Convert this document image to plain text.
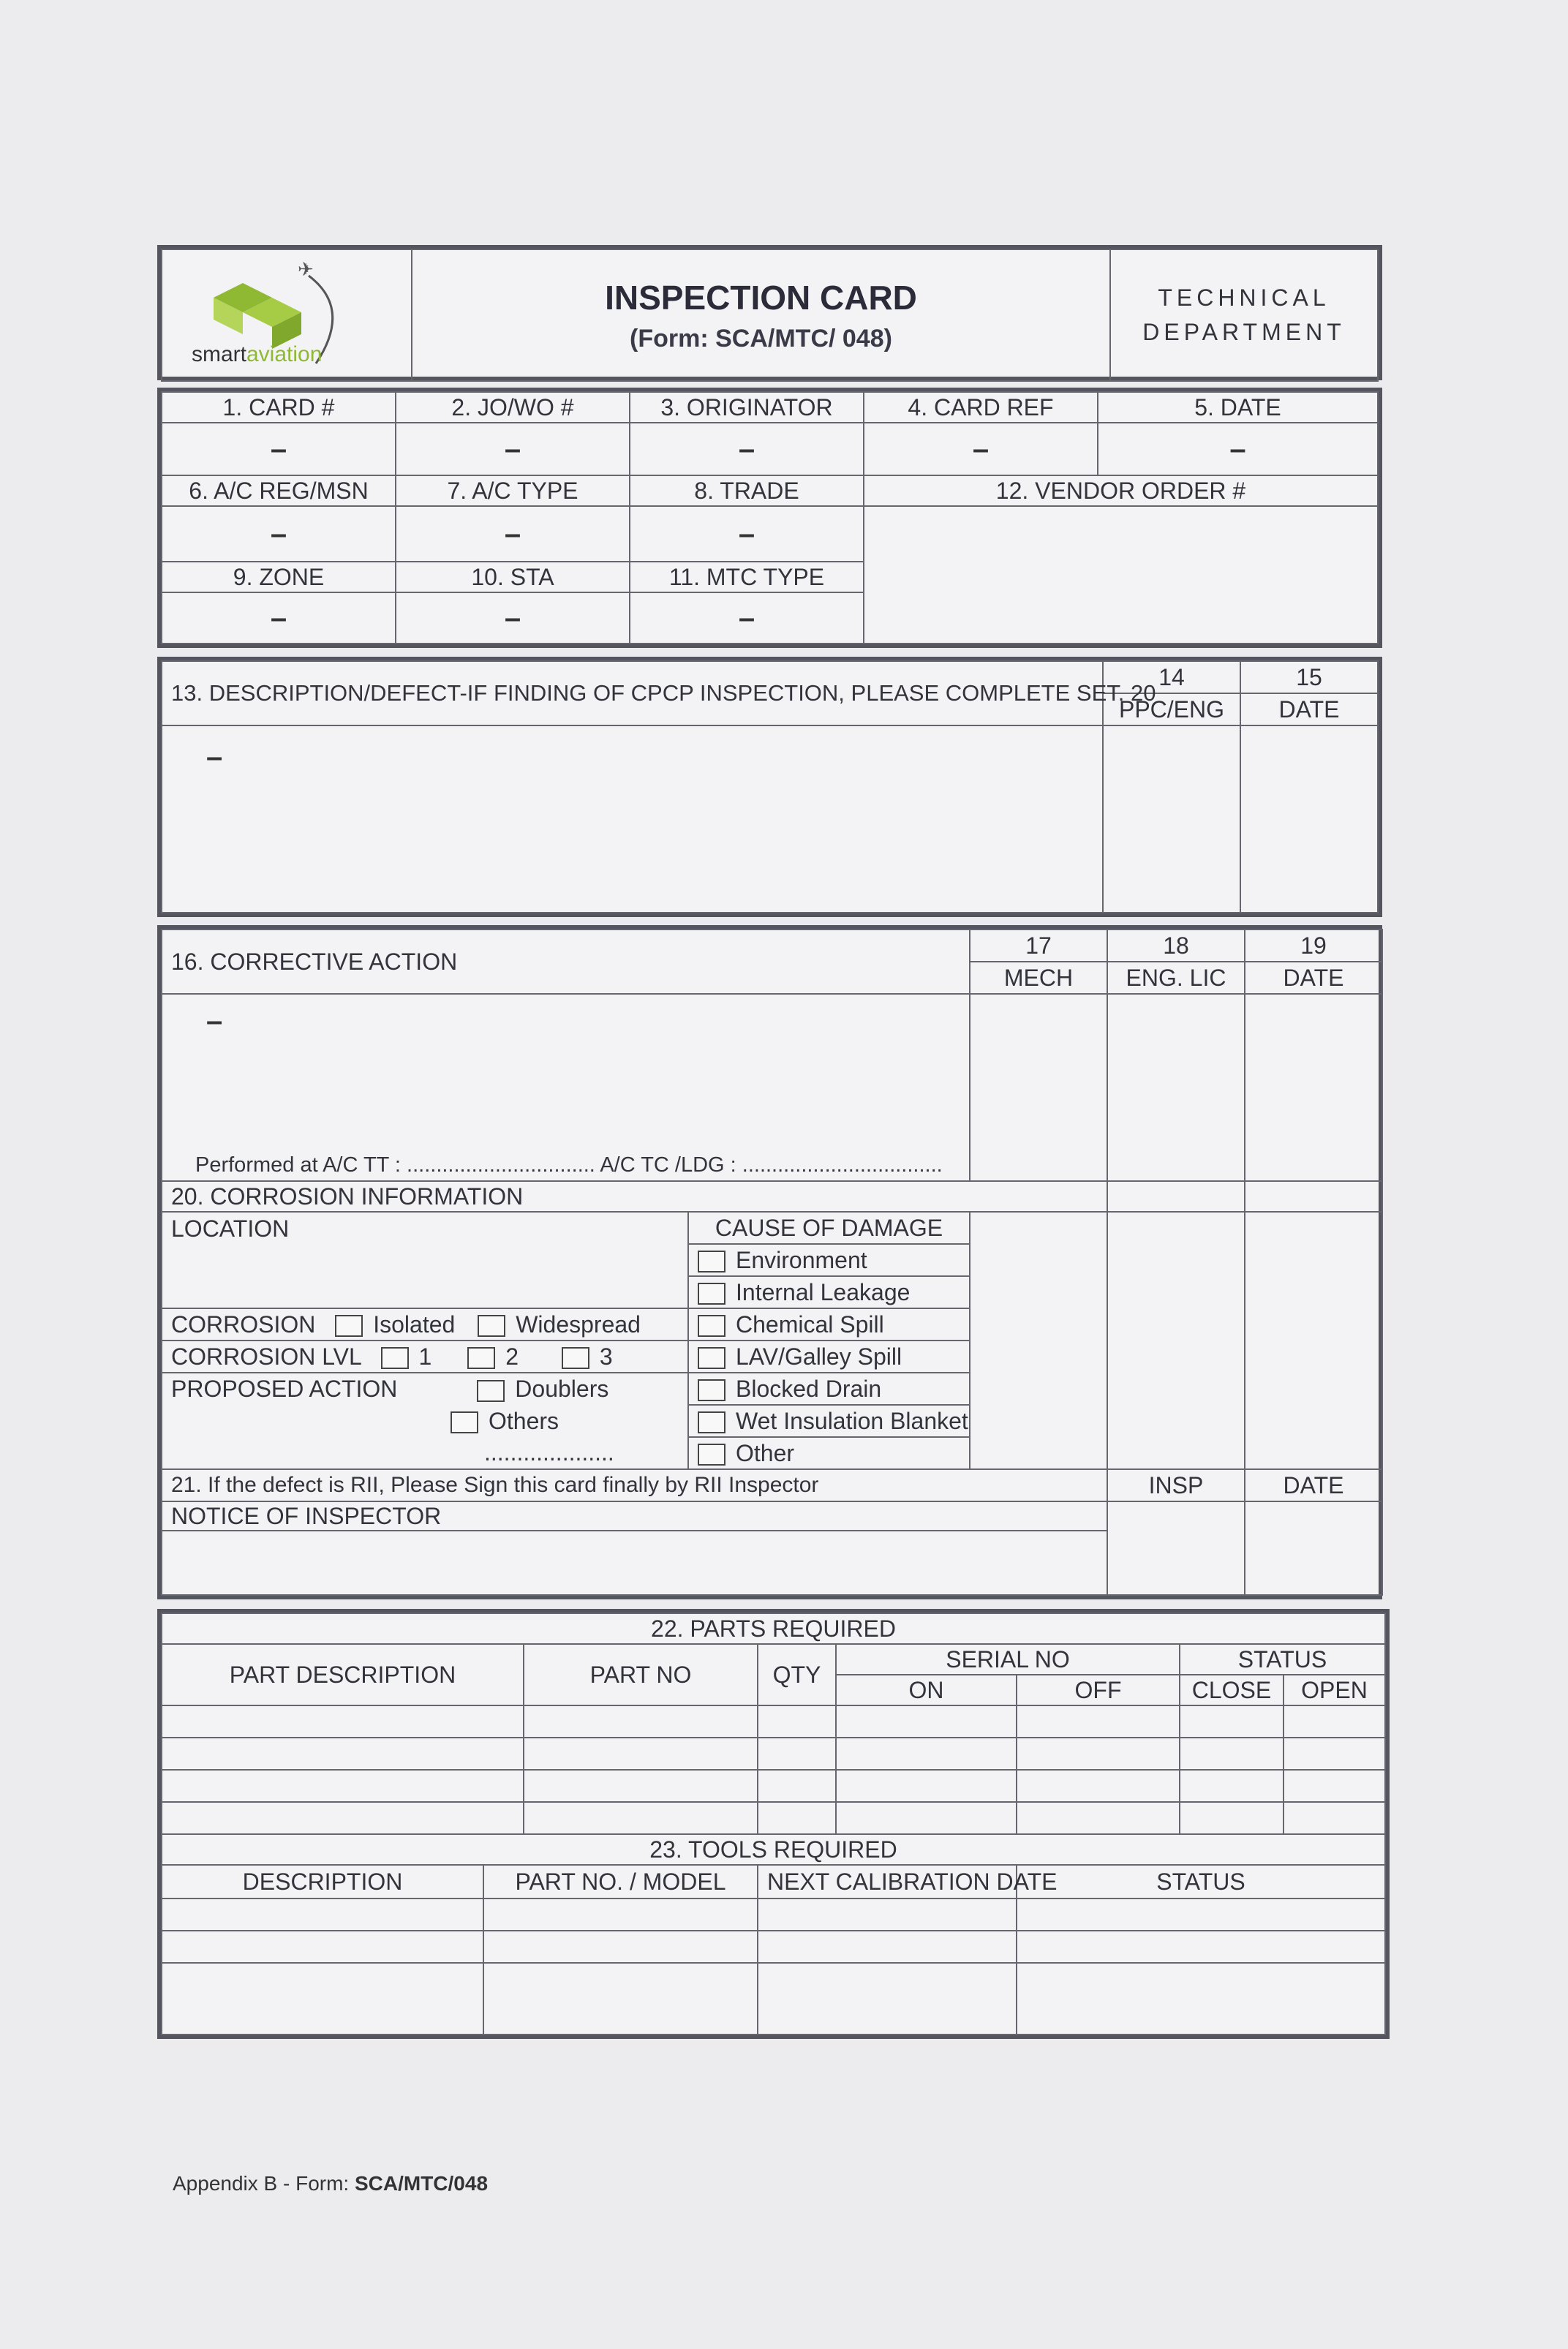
✈
smartaviation

INSPECTION CARD
(Form: SCA/MTC/ 048)

TECHNICAL
DEPARTMENT
1. CARD #	2. JO/WO #	3. ORIGINATOR	4. CARD REF	5. DATE
–	–	–	–	–
6. A/C REG/MSN	7. A/C TYPE	8. TRADE	12. VENDOR ORDER #	
–	–	–		
9. ZONE	10. STA	11. MTC TYPE		
–	–	–		
13. DESCRIPTION/DEFECT-IF FINDING OF CPCP INSPECTION, PLEASE COMPLETE SET. 20	14	15
	PPC/ENG	DATE
–		
16. CORRECTIVE ACTION		17	18	19
		MECH	ENG. LIC	DATE

–
Performed at A/C TT : ................................ A/C TC /LDG : ..................................				

20. CORROSION INFORMATION				
LOCATION	CAUSE OF DAMAGE			
	Environment			
	Internal Leakage			
CORROSION Isolated Widespread	Chemical Spill			
CORROSION LVL 1 2 3	LAV/Galley Spill			
PROPOSED ACTION Doublers	Blocked Drain			
Others	Wet Insulation Blanket			
....................	Other			
21. If the defect is RII, Please Sign this card finally by RII Inspector			INSP	DATE
NOTICE OF INSPECTOR				

22. PARTS REQUIRED							
PART DESCRIPTION		PART NO	QTY	SERIAL NO		STATUS	
				ON	OFF	CLOSE	OPEN

23. TOOLS REQUIRED							
DESCRIPTION	PART NO. / MODEL		NEXT CALIBRATION DATE		STATUS		

Appendix B - Form: SCA/MTC/048
